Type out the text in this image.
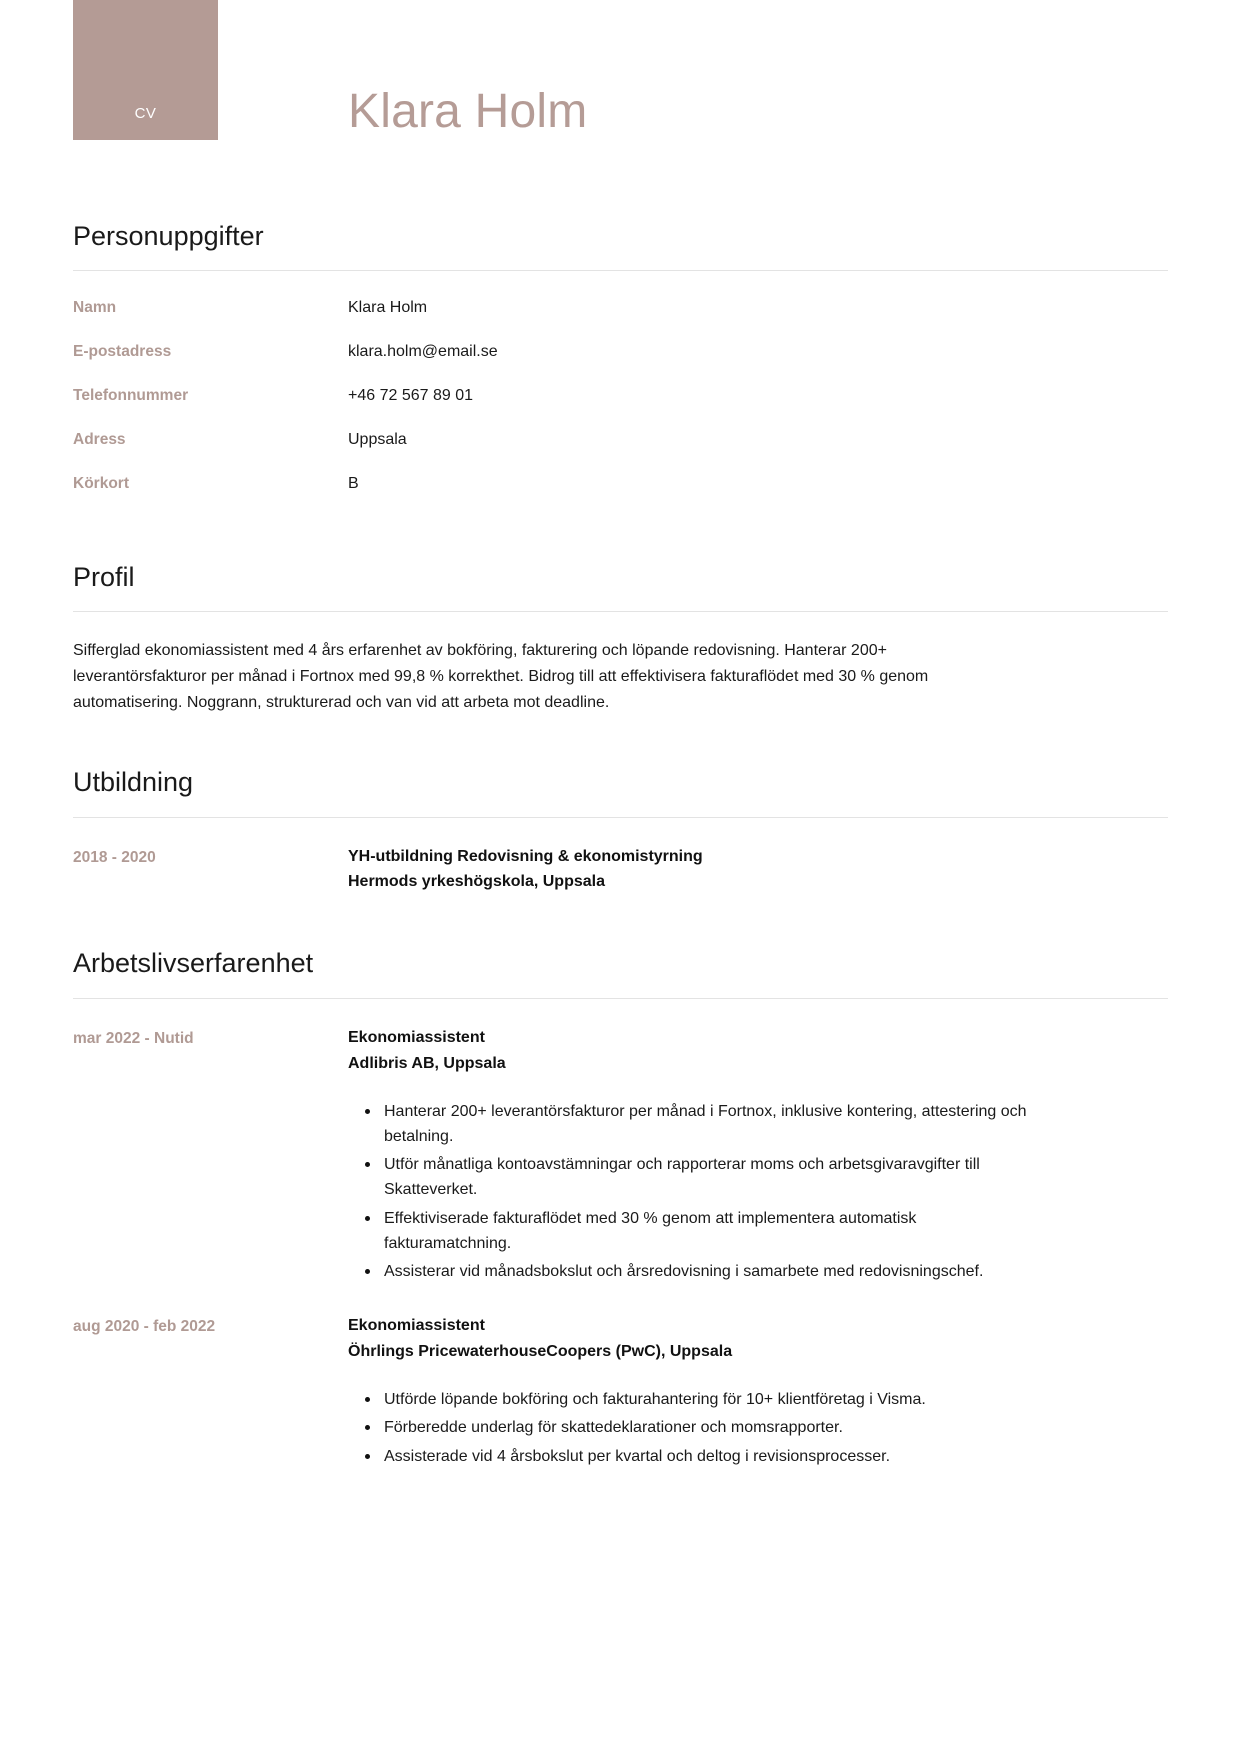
CV	Klara Holm
Personuppgifter
Namn	Klara Holm
E-postadress	klara.holm@email.se
Telefonnummer	+46 72 567 89 01
Adress	Uppsala
Körkort	B
Profil

Sifferglad ekonomiassistent med 4 års erfarenhet av bokföring, fakturering och löpande redovisning. Hanterar 200+ leverantörsfakturor per månad i Fortnox med 99,8 % korrekthet. Bidrog till att effektivisera fakturaflödet med 30 % genom automatisering. Noggrann, strukturerad och van vid att arbeta mot deadline.

Utbildning
2018 - 2020	YH-utbildning Redovisning & ekonomistyrning
Hermods yrkeshögskola, Uppsala
Arbetslivserfarenhet
mar 2022 - Nutid	Ekonomiassistent
Adlibris AB, Uppsala
Hanterar 200+ leverantörsfakturor per månad i Fortnox, inklusive kontering, attestering och betalning.
Utför månatliga kontoavstämningar och rapporterar moms och arbetsgivaravgifter till Skatteverket.
Effektiviserade fakturaflödet med 30 % genom att implementera automatisk fakturamatchning.
Assisterar vid månadsbokslut och årsredovisning i samarbete med redovisningschef.
aug 2020 - feb 2022	Ekonomiassistent
Öhrlings PricewaterhouseCoopers (PwC), Uppsala
Utförde löpande bokföring och fakturahantering för 10+ klientföretag i Visma.
Förberedde underlag för skattedeklarationer och momsrapporter.
Assisterade vid 4 årsbokslut per kvartal och deltog i revisionsprocesser.
